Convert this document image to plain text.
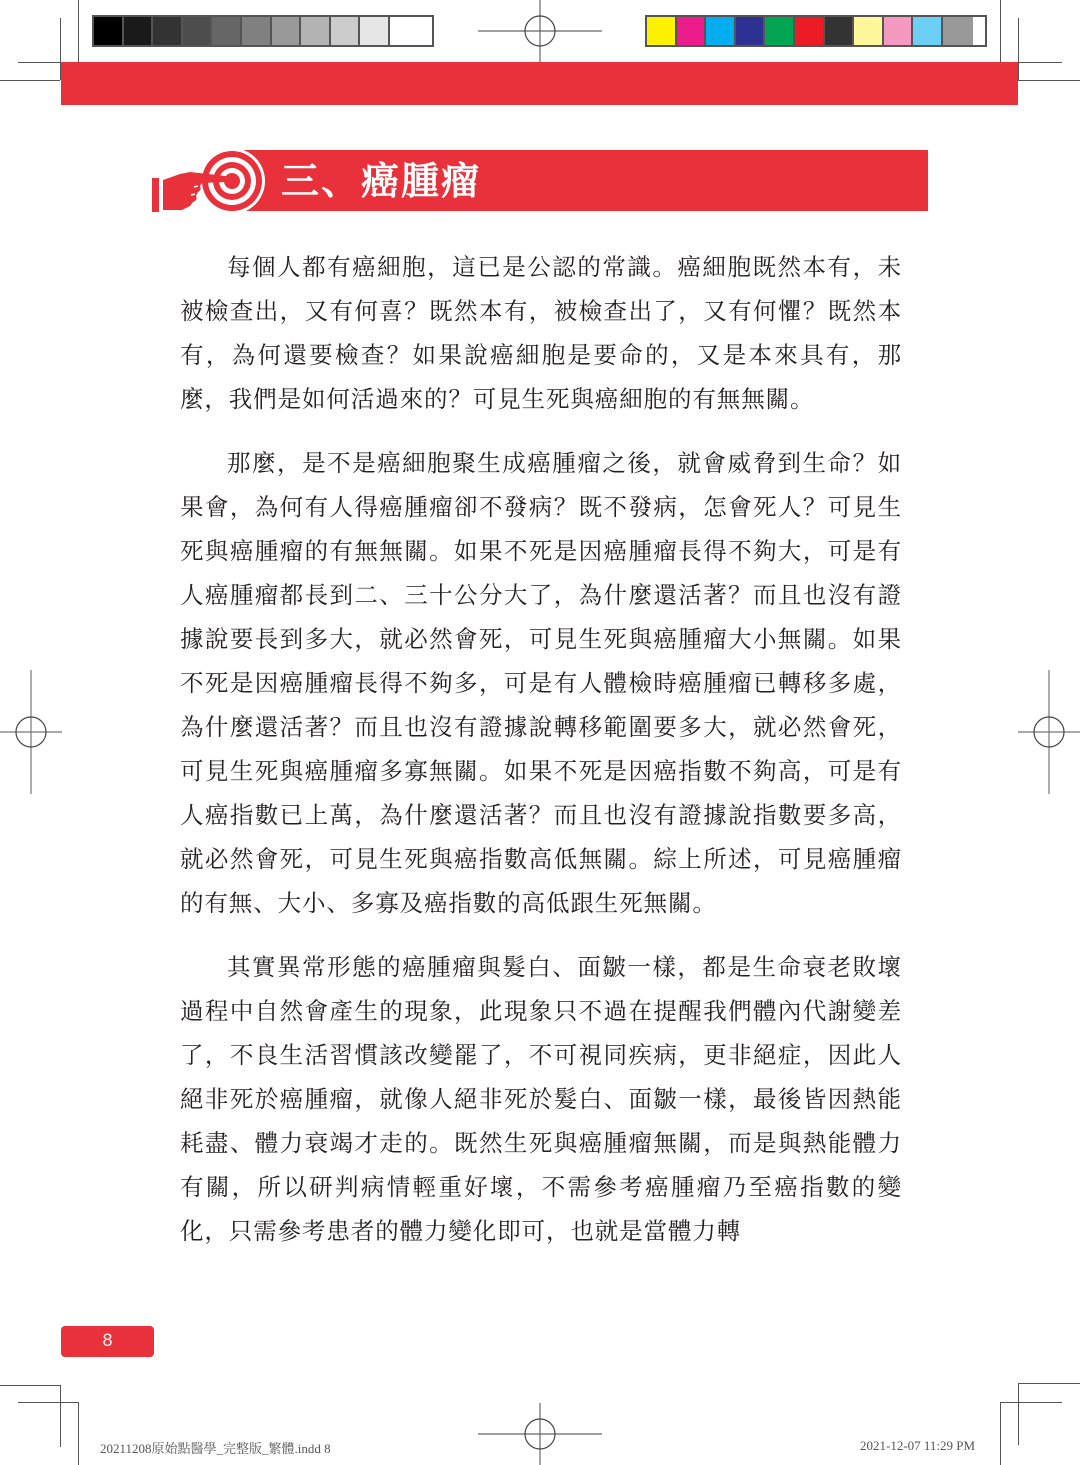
三、癌腫瘤

每個人都有癌細胞，這已是公認的常識。癌細胞既然本有，未被檢查出，又有何喜？既然本有，被檢查出了，又有何懼？既然本有，為何還要檢查？如果說癌細胞是要命的，又是本來具有，那麼，我們是如何活過來的？可見生死與癌細胞的有無無關。

那麼，是不是癌細胞聚生成癌腫瘤之後，就會威脅到生命？如果會，為何有人得癌腫瘤卻不發病？既不發病，怎會死人？可見生死與癌腫瘤的有無無關。如果不死是因癌腫瘤長得不夠大，可是有人癌腫瘤都長到二、三十公分大了，為什麼還活著？而且也沒有證據說要長到多大，就必然會死，可見生死與癌腫瘤大小無關。如果不死是因癌腫瘤長得不夠多，可是有人體檢時癌腫瘤已轉移多處，為什麼還活著？而且也沒有證據說轉移範圍要多大，就必然會死，可見生死與癌腫瘤多寡無關。如果不死是因癌指數不夠高，可是有人癌指數已上萬，為什麼還活著？而且也沒有證據說指數要多高，就必然會死，可見生死與癌指數高低無關。綜上所述，可見癌腫瘤的有無、大小、多寡及癌指數的高低跟生死無關。

其實異常形態的癌腫瘤與髮白、面皺一樣，都是生命衰老敗壞過程中自然會產生的現象，此現象只不過在提醒我們體內代謝變差了，不良生活習慣該改變罷了，不可視同疾病，更非絕症，因此人絕非死於癌腫瘤，就像人絕非死於髮白、面皺一樣，最後皆因熱能耗盡、體力衰竭才走的。既然生死與癌腫瘤無關，而是與熱能體力有關，所以研判病情輕重好壞，不需參考癌腫瘤乃至癌指數的變化，只需參考患者的體力變化即可，也就是當體力轉

8
20211208原始點醫學_完整版_繁體.indd 8	2021-12-07 11:29 PM
